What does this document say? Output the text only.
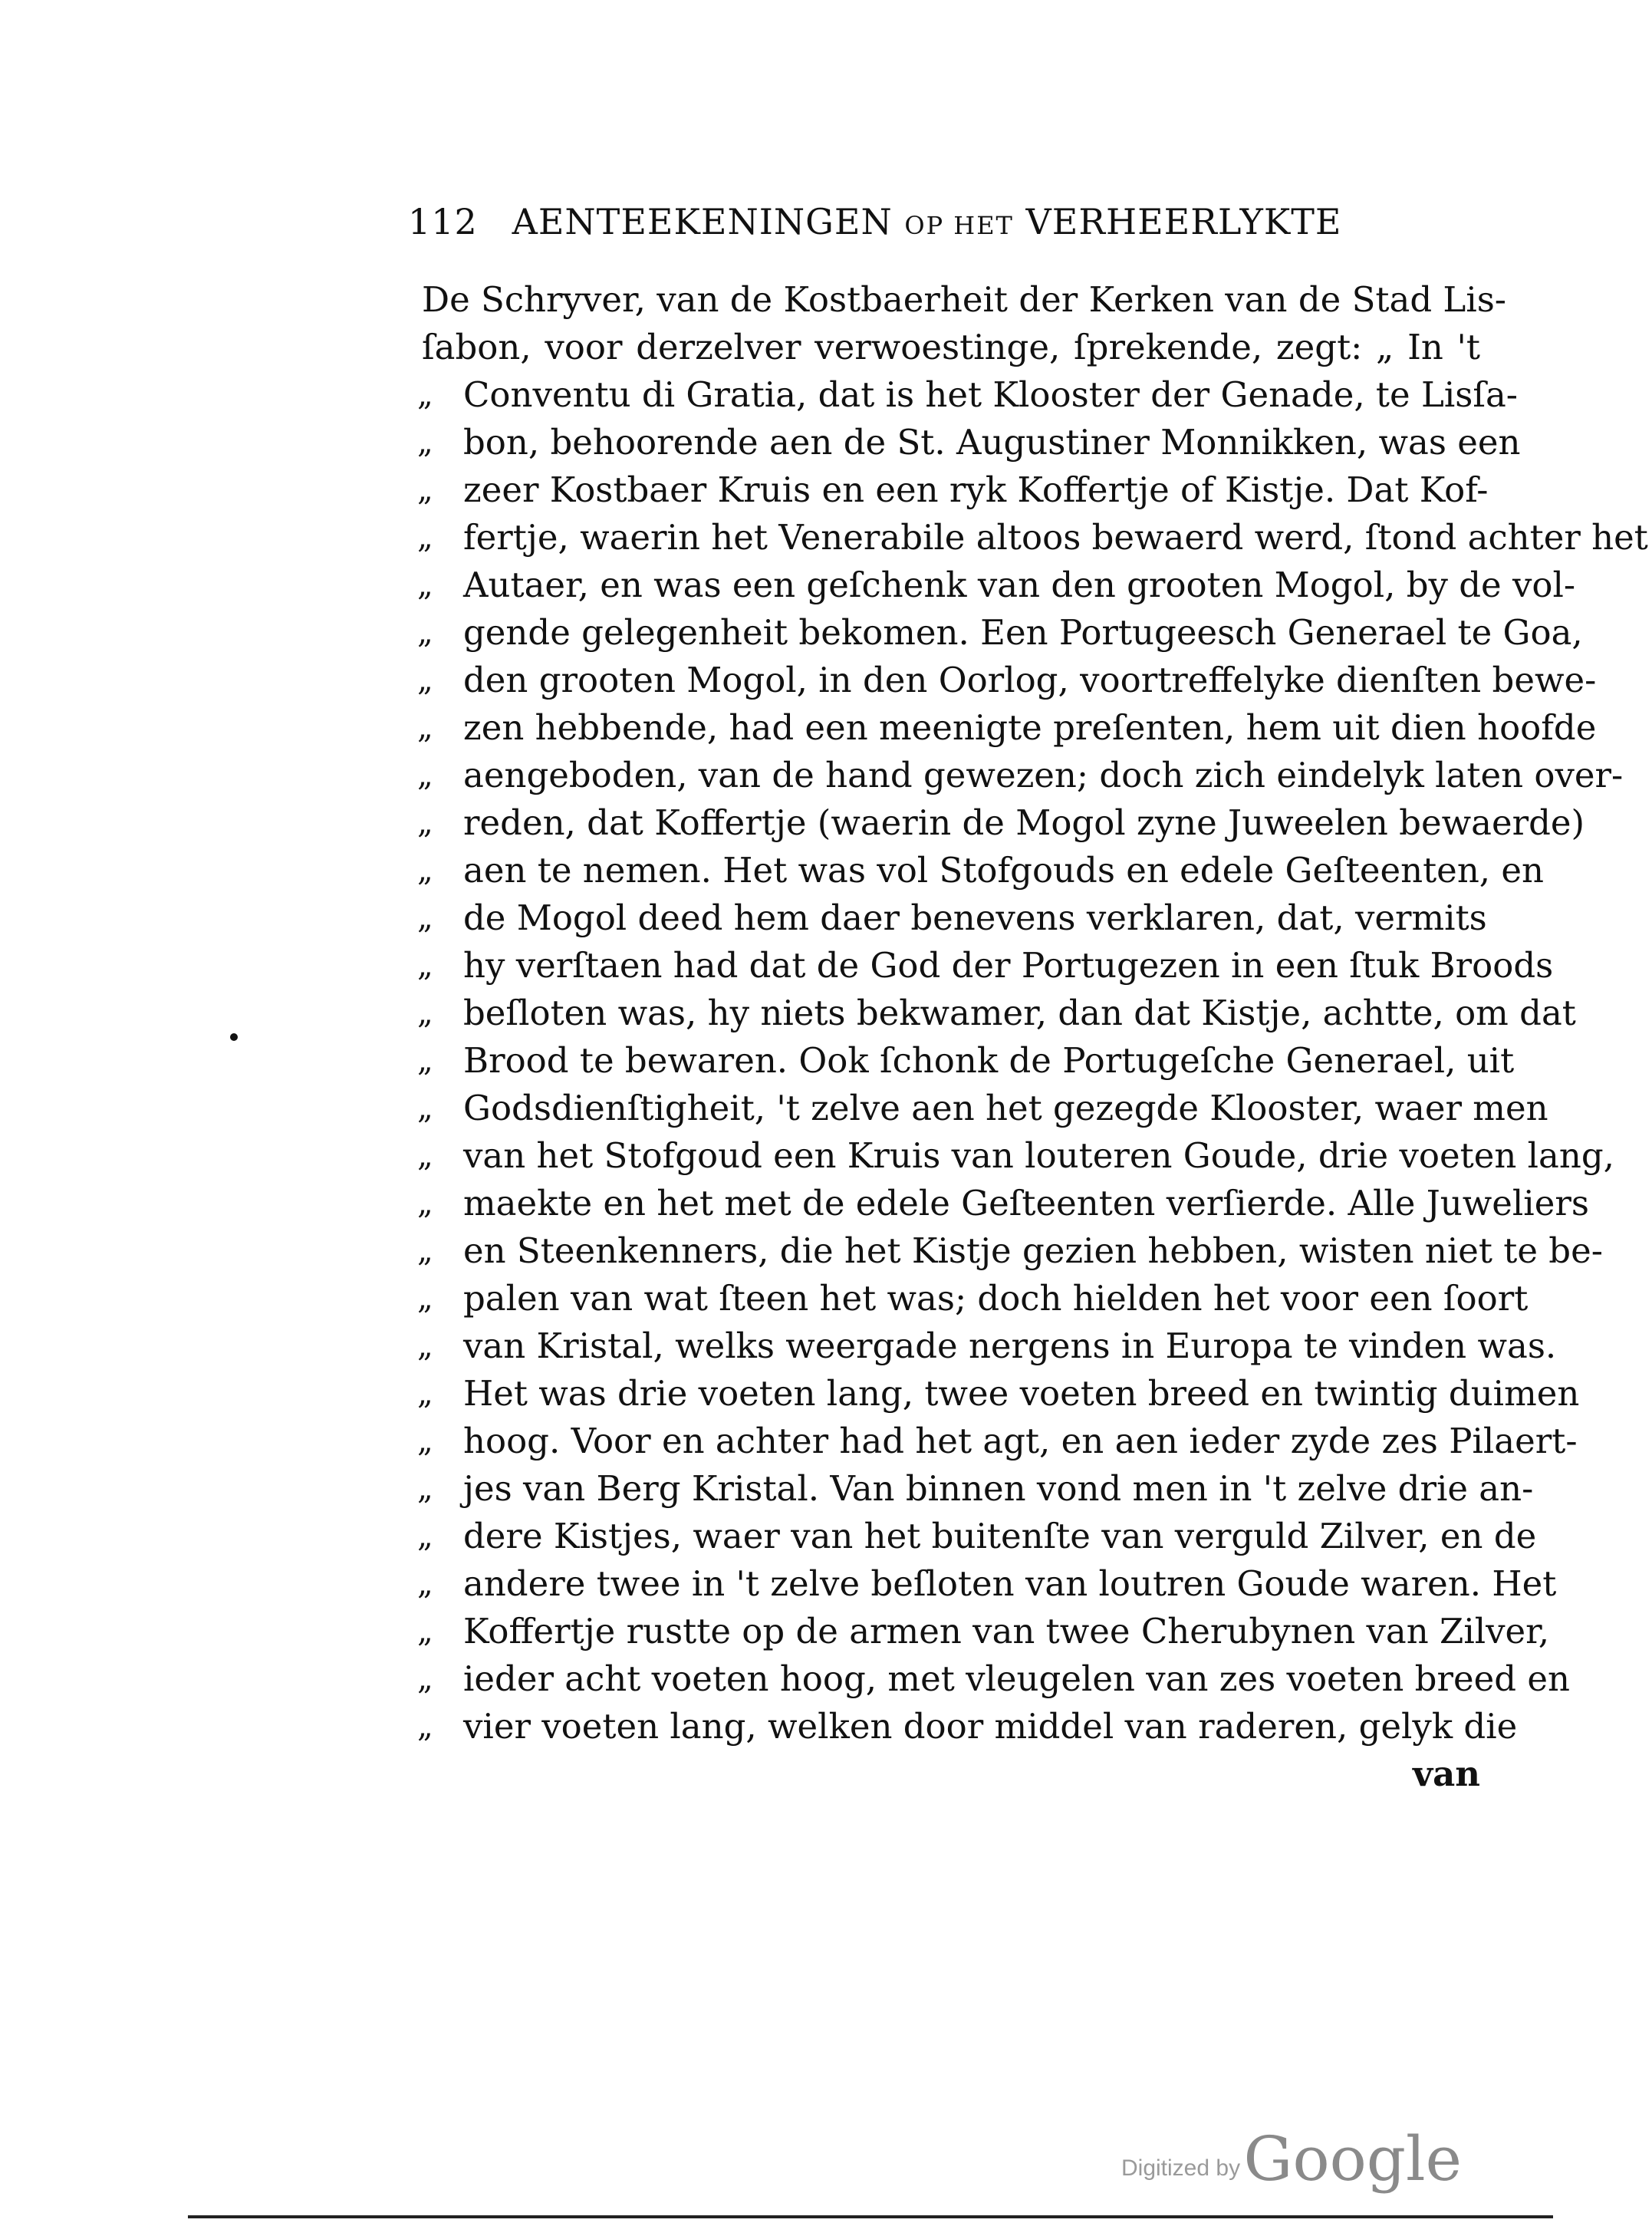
112 AENTEEKENINGEN OP HET VERHEERLYKTE
De Schryver, van de Kostbaerheit der Kerken van de Stad Lis-
ſabon, voor derzelver verwoestinge, ſprekende, zegt: „ In 't
„ Conventu di Gratia, dat is het Klooster der Genade, te Lisſa-
„ bon, behoorende aen de St. Augustiner Monnikken, was een
„ zeer Kostbaer Kruis en een ryk Koffertje of Kistje. Dat Kof-
„ fertje, waerin het Venerabile altoos bewaerd werd, ſtond achter het
„ Autaer, en was een geſchenk van den grooten Mogol, by de vol-
„ gende gelegenheit bekomen. Een Portugeesch Generael te Goa,
„ den grooten Mogol, in den Oorlog, voortreffelyke dienſten bewe-
„ zen hebbende, had een meenigte preſenten, hem uit dien hoofde
„ aengeboden, van de hand gewezen; doch zich eindelyk laten over-
„ reden, dat Koffertje (waerin de Mogol zyne Juweelen bewaerde)
„ aen te nemen. Het was vol Stofgouds en edele Geſteenten, en
„ de Mogol deed hem daer benevens verklaren, dat, vermits
„ hy verſtaen had dat de God der Portugezen in een ſtuk Broods
„ beſloten was, hy niets bekwamer, dan dat Kistje, achtte, om dat
„ Brood te bewaren. Ook ſchonk de Portugeſche Generael, uit
„ Godsdienſtigheit, 't zelve aen het gezegde Klooster, waer men
„ van het Stofgoud een Kruis van louteren Goude, drie voeten lang,
„ maekte en het met de edele Geſteenten verſierde. Alle Juweliers
„ en Steenkenners, die het Kistje gezien hebben, wisten niet te be-
„ palen van wat ſteen het was; doch hielden het voor een ſoort
„ van Kristal, welks weergade nergens in Europa te vinden was.
„ Het was drie voeten lang, twee voeten breed en twintig duimen
„ hoog. Voor en achter had het agt, en aen ieder zyde zes Pilaert-
„ jes van Berg Kristal. Van binnen vond men in 't zelve drie an-
„ dere Kistjes, waer van het buitenſte van verguld Zilver, en de
„ andere twee in 't zelve beſloten van loutren Goude waren. Het
„ Koffertje rustte op de armen van twee Cherubynen van Zilver,
„ ieder acht voeten hoog, met vleugelen van zes voeten breed en
„ vier voeten lang, welken door middel van raderen, gelyk die
van
Digitized by Google
